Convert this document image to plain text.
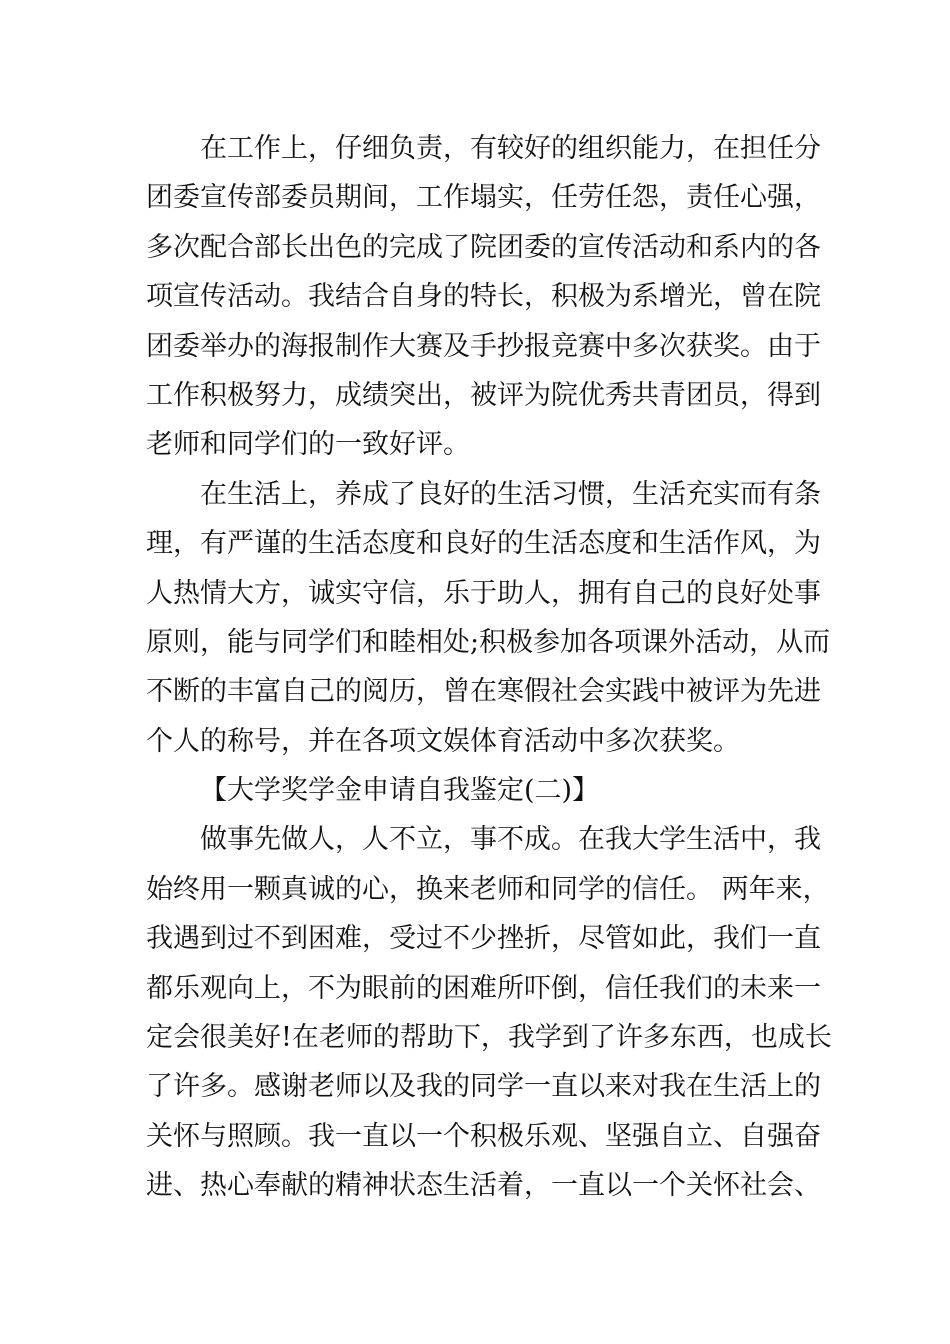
在工作上，仔细负责，有较好的组织能力，在担任分
团委宣传部委员期间，工作塌实，任劳任怨，责任心强，
多次配合部长出色的完成了院团委的宣传活动和系内的各
项宣传活动。我结合自身的特长，积极为系增光，曾在院
团委举办的海报制作大赛及手抄报竞赛中多次获奖。由于
工作积极努力，成绩突出，被评为院优秀共青团员，得到
老师和同学们的一致好评。
在生活上，养成了良好的生活习惯，生活充实而有条
理，有严谨的生活态度和良好的生活态度和生活作风，为
人热情大方，诚实守信，乐于助人，拥有自己的良好处事
原则，能与同学们和睦相处;积极参加各项课外活动，从而
不断的丰富自己的阅历，曾在寒假社会实践中被评为先进
个人的称号，并在各项文娱体育活动中多次获奖。
【大学奖学金申请自我鉴定(二)】
做事先做人，人不立，事不成。在我大学生活中，我
始终用一颗真诚的心，换来老师和同学的信任。 两年来，
我遇到过不到困难，受过不少挫折，尽管如此，我们一直
都乐观向上，不为眼前的困难所吓倒，信任我们的未来一
定会很美好!在老师的帮助下，我学到了许多东西，也成长
了许多。感谢老师以及我的同学一直以来对我在生活上的
关怀与照顾。我一直以一个积极乐观、坚强自立、自强奋
进、热心奉献的精神状态生活着，一直以一个关怀社会、
